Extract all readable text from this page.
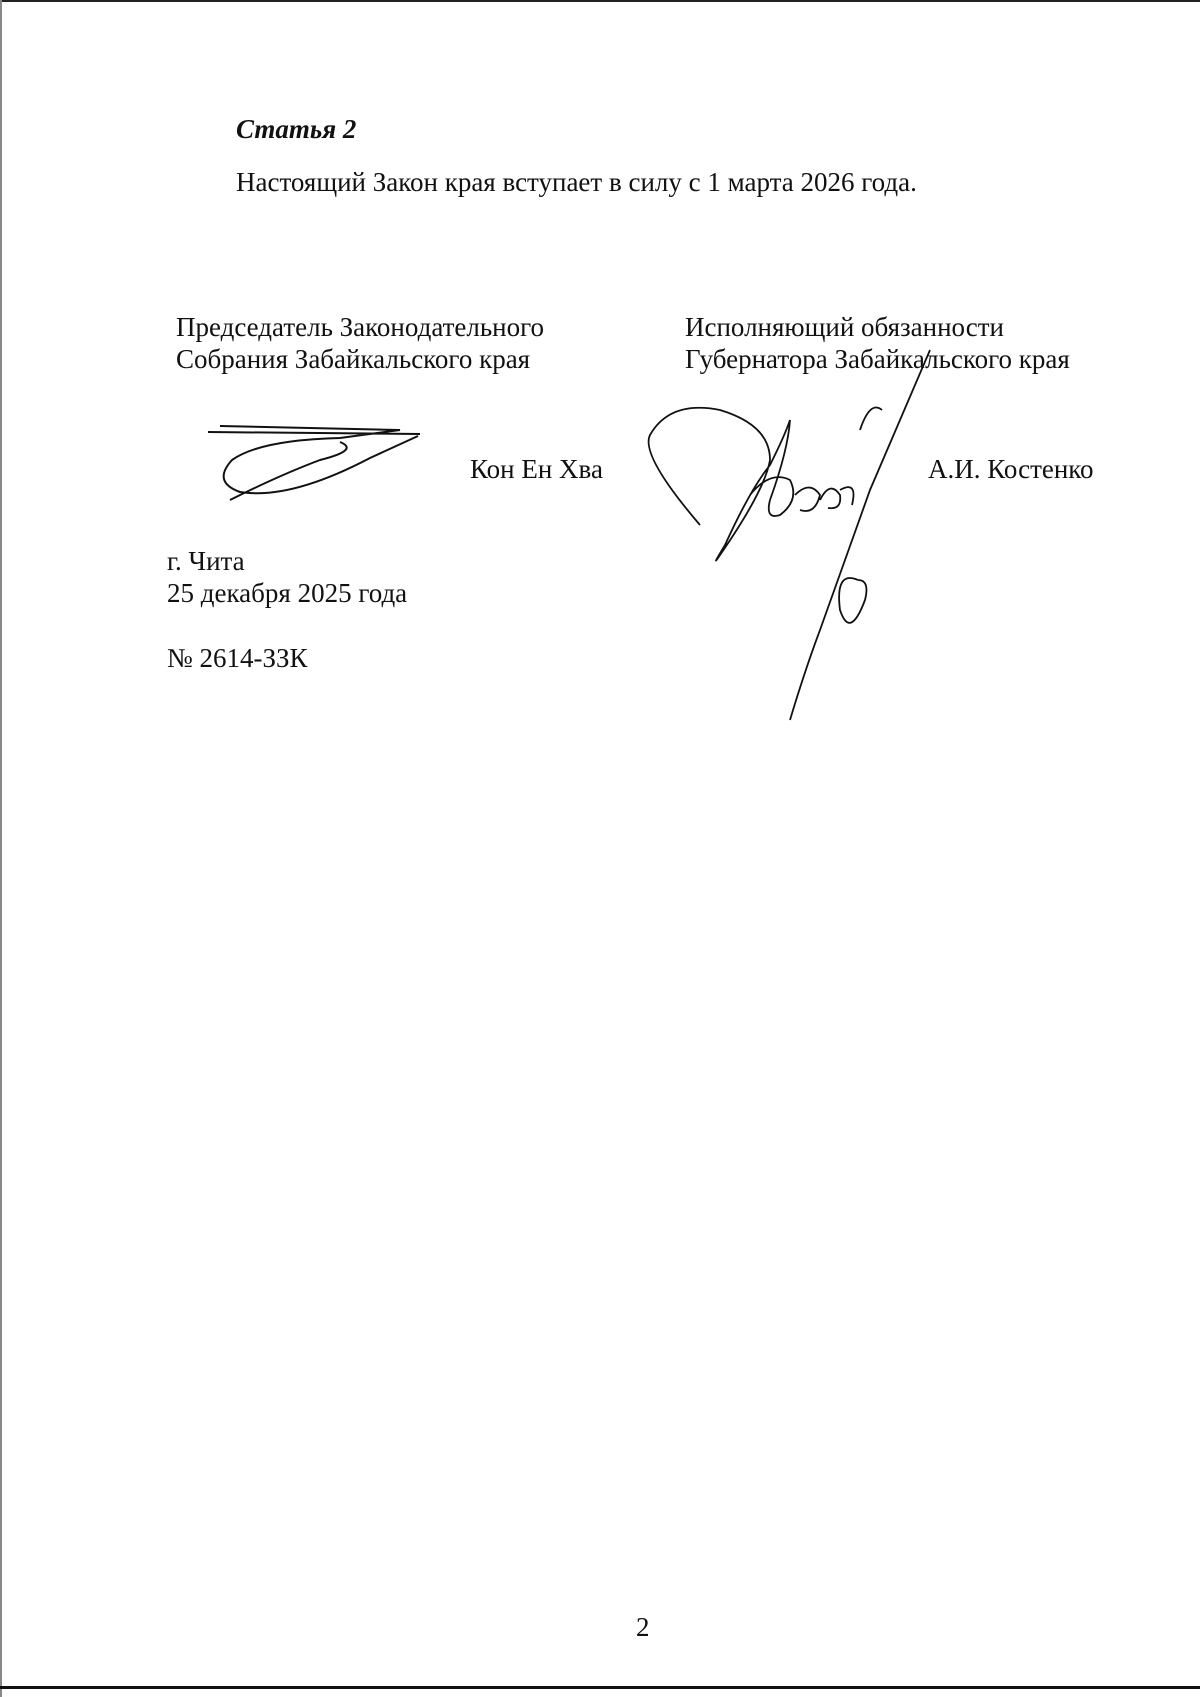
Статья 2
Настоящий Закон края вступает в силу с 1 марта 2026 года.
Председатель Законодательного
Собрания Забайкальского края
Исполняющий обязанности
Губернатора Забайкальского края
Кон Ен Хва	А.И. Костенко
г. Чита
25 декабря 2025 года
№ 2614-ЗЗК
2
